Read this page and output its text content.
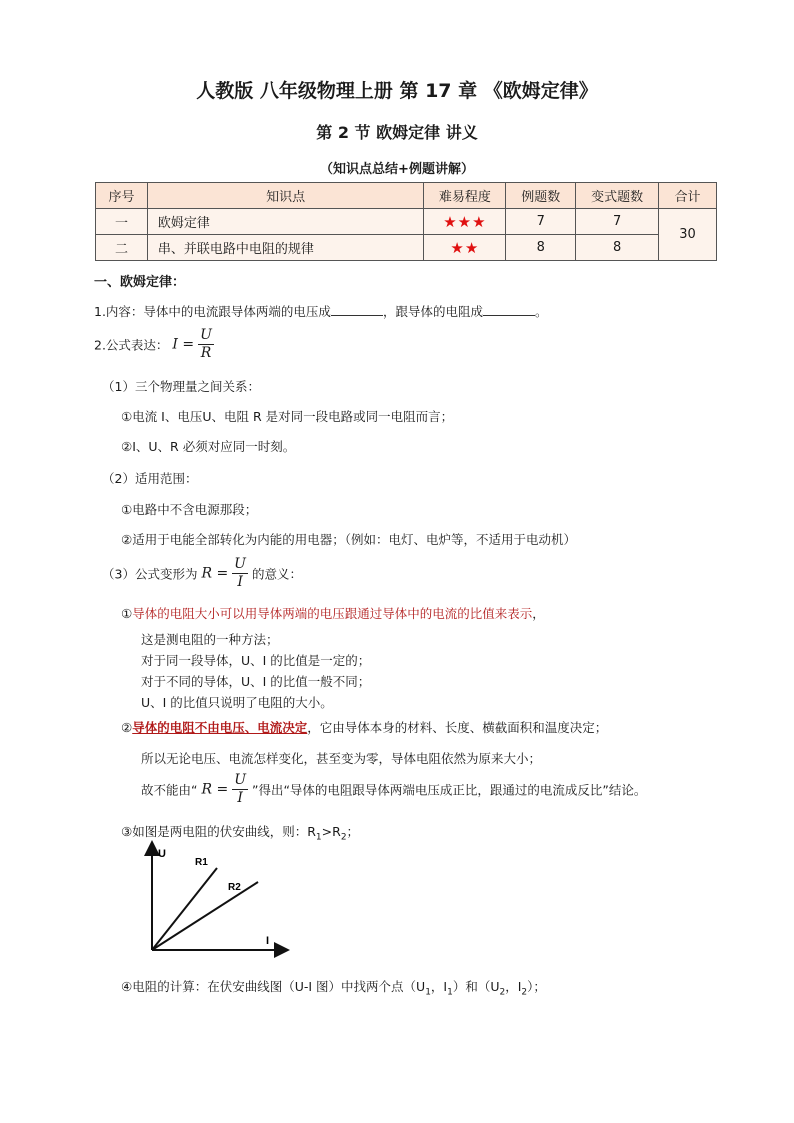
人教版 八年级物理上册 第 17 章 《欧姆定律》
第 2 节 欧姆定律 讲义
（知识点总结+例题讲解）
序号	知识点	难易程度	例题数	变式题数	合计
一	欧姆定律	★★★	7	7	30
二	串、并联电路中电阻的规律	★★	8	8	
一、欧姆定律：
1.内容：导体中的电流跟导体两端的电压成	，跟导体的电阻成	。
2.公式表达： $I = \frac{U}{R}$
（1）三个物理量之间关系：
①电流 I、电压U、电阻 R 是对同一段电路或同一电阻而言；
②I、U、R 必须对应同一时刻。
（2）适用范围：
①电路中不含电源那段；
②适用于电能全部转化为内能的用电器；（例如：电灯、电炉等，不适用于电动机）
（3）公式变形为 $R = \frac{U}{I}$ 的意义：
①导体的电阻大小可以用导体两端的电压跟通过导体中的电流的比值来表示，
这是测电阻的一种方法；
对于同一段导体，U、I 的比值是一定的；
对于不同的导体，U、I 的比值一般不同；
U、I 的比值只说明了电阻的大小。
②导体的电阻不由电压、电流决定，它由导体本身的材料、长度、横截面积和温度决定；
所以无论电压、电流怎样变化，甚至变为零，导体电阻依然为原来大小；
故不能由“ $R = \frac{U}{I}$ ”得出“导体的电阻跟导体两端电压成正比，跟通过的电流成反比”结论。
③如图是两电阻的伏安曲线，则：$R_1>R_2$；
U
I
R1
R2
④电阻的计算：在伏安曲线图（U-I 图）中找两个点（$U_1$，$I_1$）和（$U_2$，$I_2$）；
